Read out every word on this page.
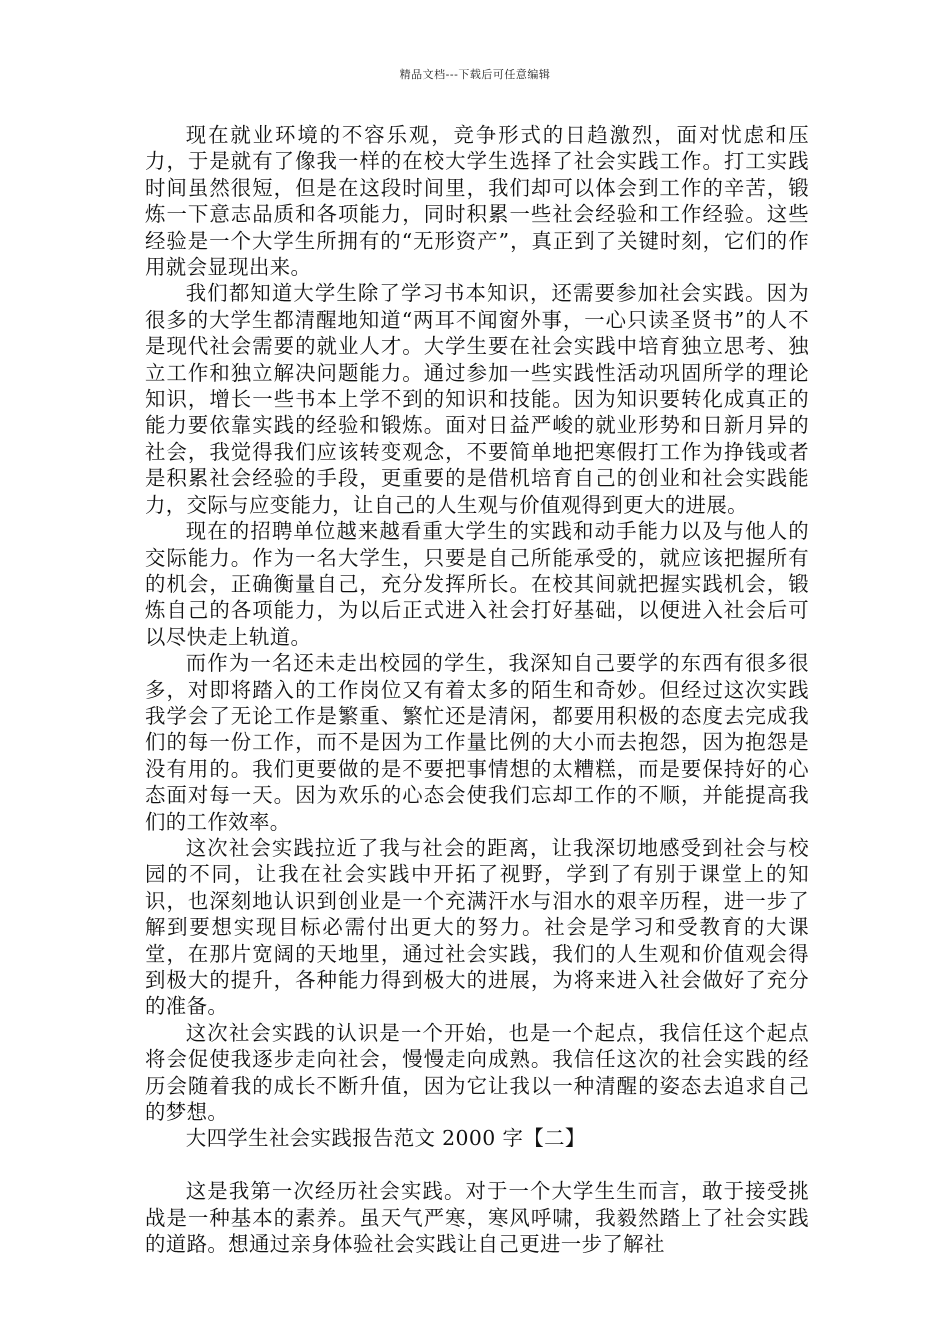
精品文档---下载后可任意编辑

现在就业环境的不容乐观，竞争形式的日趋激烈，面对忧虑和压力，于是就有了像我一样的在校大学生选择了社会实践工作。打工实践时间虽然很短，但是在这段时间里，我们却可以体会到工作的辛苦，锻炼一下意志品质和各项能力，同时积累一些社会经验和工作经验。这些经验是一个大学生所拥有的“无形资产”，真正到了关键时刻，它们的作用就会显现出来。

我们都知道大学生除了学习书本知识，还需要参加社会实践。因为很多的大学生都清醒地知道“两耳不闻窗外事，一心只读圣贤书”的人不是现代社会需要的就业人才。大学生要在社会实践中培育独立思考、独立工作和独立解决问题能力。通过参加一些实践性活动巩固所学的理论知识，增长一些书本上学不到的知识和技能。因为知识要转化成真正的能力要依靠实践的经验和锻炼。面对日益严峻的就业形势和日新月异的社会，我觉得我们应该转变观念，不要简单地把寒假打工作为挣钱或者是积累社会经验的手段，更重要的是借机培育自己的创业和社会实践能力，交际与应变能力，让自己的人生观与价值观得到更大的进展。

现在的招聘单位越来越看重大学生的实践和动手能力以及与他人的交际能力。作为一名大学生，只要是自己所能承受的，就应该把握所有的机会，正确衡量自己，充分发挥所长。在校其间就把握实践机会，锻炼自己的各项能力，为以后正式进入社会打好基础，以便进入社会后可以尽快走上轨道。

而作为一名还未走出校园的学生，我深知自己要学的东西有很多很多，对即将踏入的工作岗位又有着太多的陌生和奇妙。但经过这次实践我学会了无论工作是繁重、繁忙还是清闲，都要用积极的态度去完成我们的每一份工作，而不是因为工作量比例的大小而去抱怨，因为抱怨是没有用的。我们更要做的是不要把事情想的太糟糕，而是要保持好的心态面对每一天。因为欢乐的心态会使我们忘却工作的不顺，并能提高我们的工作效率。

这次社会实践拉近了我与社会的距离，让我深切地感受到社会与校园的不同，让我在社会实践中开拓了视野，学到了有别于课堂上的知识，也深刻地认识到创业是一个充满汗水与泪水的艰辛历程，进一步了解到要想实现目标必需付出更大的努力。社会是学习和受教育的大课堂，在那片宽阔的天地里，通过社会实践，我们的人生观和价值观会得到极大的提升，各种能力得到极大的进展，为将来进入社会做好了充分的准备。

这次社会实践的认识是一个开始，也是一个起点，我信任这个起点将会促使我逐步走向社会，慢慢走向成熟。我信任这次的社会实践的经历会随着我的成长不断升值，因为它让我以一种清醒的姿态去追求自己的梦想。

大四学生社会实践报告范文 2000 字【二】

这是我第一次经历社会实践。对于一个大学生生而言，敢于接受挑战是一种基本的素养。虽天气严寒，寒风呼啸，我毅然踏上了社会实践的道路。想通过亲身体验社会实践让自己更进一步了解社
